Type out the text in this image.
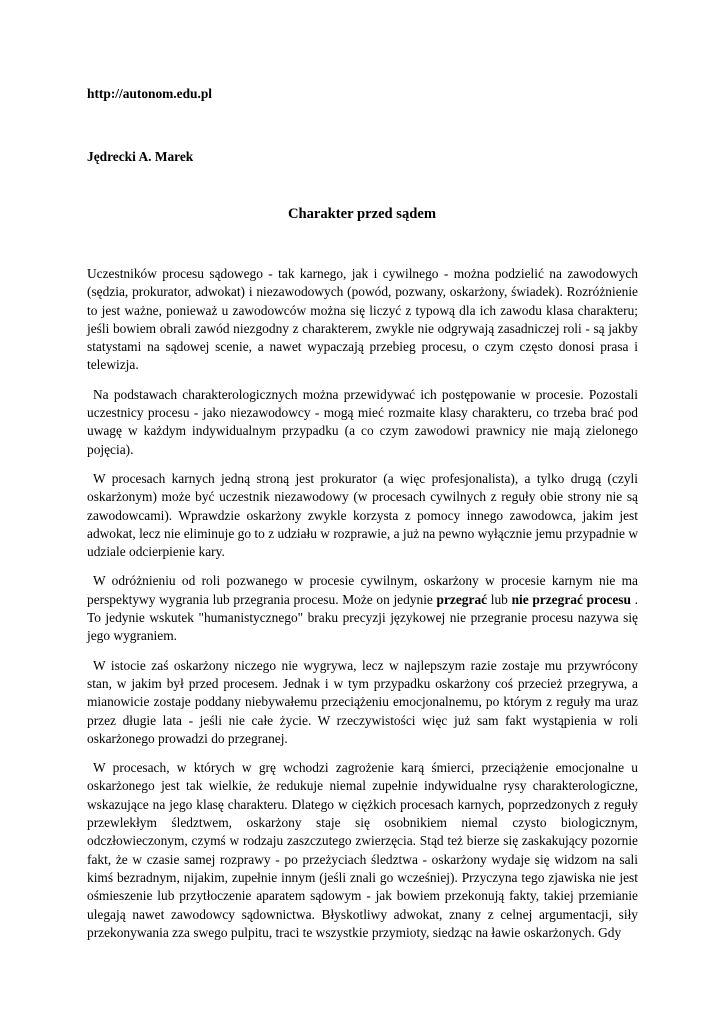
http://autonom.edu.pl
Jędrecki A. Marek
Charakter przed sądem

Uczestników procesu sądowego - tak karnego, jak i cywilnego - można podzielić na zawodowych (sędzia, prokurator, adwokat) i niezawodowych (powód, pozwany, oskarżony, świadek). Rozróżnienie to jest ważne, ponieważ u zawodowców można się liczyć z typową dla ich zawodu klasa charakteru; jeśli bowiem obrali zawód niezgodny z charakterem, zwykle nie odgrywają zasadniczej roli - są jakby statystami na sądowej scenie, a nawet wypaczają przebieg procesu, o czym często donosi prasa i telewizja.

Na podstawach charakterologicznych można przewidywać ich postępowanie w procesie. Pozostali uczestnicy procesu - jako niezawodowcy - mogą mieć rozmaite klasy charakteru, co trzeba brać pod uwagę w każdym indywidualnym przypadku (a co czym zawodowi prawnicy nie mają zielonego pojęcia).

W procesach karnych jedną stroną jest prokurator (a więc profesjonalista), a tylko drugą (czyli oskarżonym) może być uczestnik niezawodowy (w procesach cywilnych z reguły obie strony nie są zawodowcami). Wprawdzie oskarżony zwykle korzysta z pomocy innego zawodowca, jakim jest adwokat, lecz nie eliminuje go to z udziału w rozprawie, a już na pewno wyłącznie jemu przypadnie w udziale odcierpienie kary.

W odróżnieniu od roli pozwanego w procesie cywilnym, oskarżony w procesie karnym nie ma perspektywy wygrania lub przegrania procesu. Może on jedynie przegrać lub nie przegrać procesu . To jedynie wskutek "humanistycznego" braku precyzji językowej nie przegranie procesu nazywa się jego wygraniem.

W istocie zaś oskarżony niczego nie wygrywa, lecz w najlepszym razie zostaje mu przywrócony stan, w jakim był przed procesem. Jednak i w tym przypadku oskarżony coś przecież przegrywa, a mianowicie zostaje poddany niebywałemu przeciążeniu emocjonalnemu, po którym z reguły ma uraz przez długie lata - jeśli nie całe życie. W rzeczywistości więc już sam fakt wystąpienia w roli oskarżonego prowadzi do przegranej.

W procesach, w których w grę wchodzi zagrożenie karą śmierci, przeciążenie emocjonalne u oskarżonego jest tak wielkie, że redukuje niemal zupełnie indywidualne rysy charakterologiczne, wskazujące na jego klasę charakteru. Dlatego w ciężkich procesach karnych, poprzedzonych z reguły przewlekłym śledztwem, oskarżony staje się osobnikiem niemal czysto biologicznym, odczłowieczonym, czymś w rodzaju zaszczutego zwierzęcia. Stąd też bierze się zaskakujący pozornie fakt, że w czasie samej rozprawy - po przeżyciach śledztwa - oskarżony wydaje się widzom na sali kimś bezradnym, nijakim, zupełnie innym (jeśli znali go wcześniej). Przyczyna tego zjawiska nie jest ośmieszenie lub przytłoczenie aparatem sądowym - jak bowiem przekonują fakty, takiej przemianie ulegają nawet zawodowcy sądownictwa. Błyskotliwy adwokat, znany z celnej argumentacji, siły przekonywania zza swego pulpitu, traci te wszystkie przymioty, siedząc na ławie oskarżonych. Gdy
